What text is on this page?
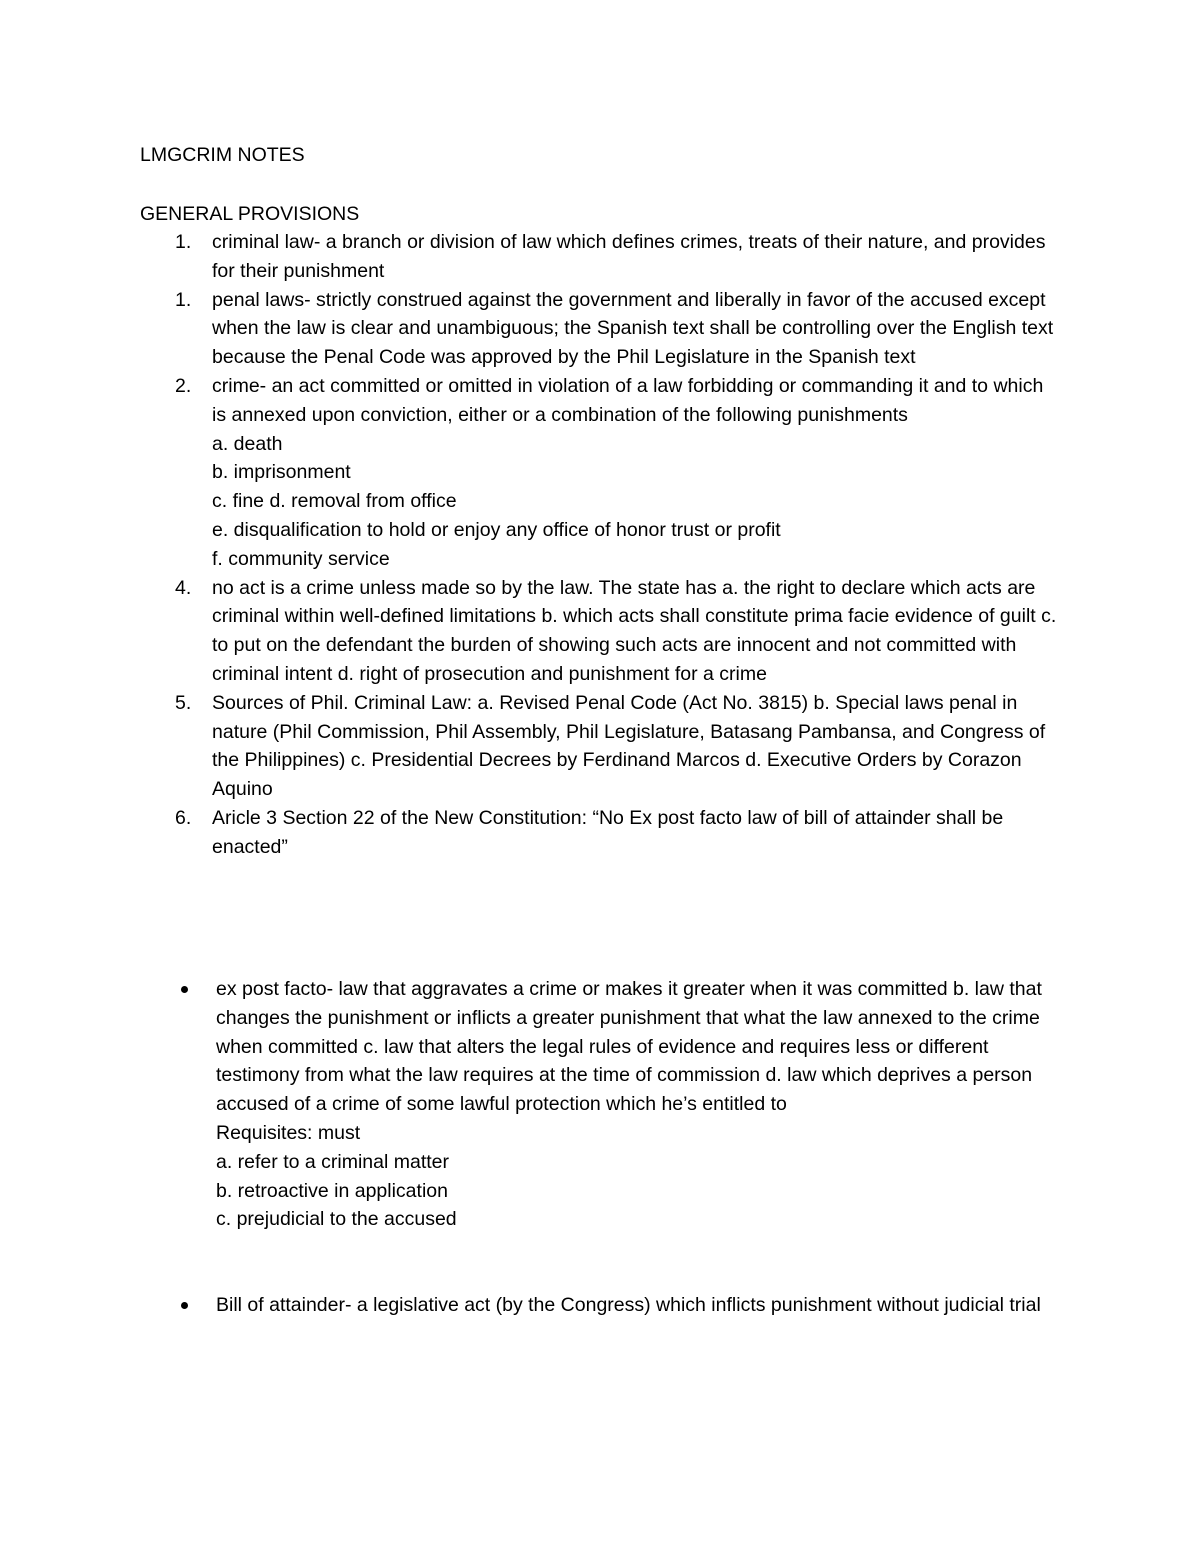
LMGCRIM NOTES
GENERAL PROVISIONS
1. criminal law- a branch or division of law which defines crimes, treats of their nature, and provides for their punishment
1. penal laws- strictly construed against the government and liberally in favor of the accused except when the law is clear and unambiguous; the Spanish text shall be controlling over the English text because the Penal Code was approved by the Phil Legislature in the Spanish text
2. crime- an act committed or omitted in violation of a law forbidding or commanding it and to which is annexed upon conviction, either or a combination of the following punishments
a. death
b. imprisonment
c. fine d. removal from office
e. disqualification to hold or enjoy any office of honor trust or profit
f. community service
4. no act is a crime unless made so by the law. The state has a. the right to declare which acts are criminal within well-defined limitations b. which acts shall constitute prima facie evidence of guilt c. to put on the defendant the burden of showing such acts are innocent and not committed with criminal intent d. right of prosecution and punishment for a crime
5. Sources of Phil. Criminal Law: a. Revised Penal Code (Act No. 3815) b. Special laws penal in nature (Phil Commission, Phil Assembly, Phil Legislature, Batasang Pambansa, and Congress of the Philippines) c. Presidential Decrees by Ferdinand Marcos d. Executive Orders by Corazon Aquino
6. Aricle 3 Section 22 of the New Constitution: “No Ex post facto law of bill of attainder shall be enacted”
ex post facto- law that aggravates a crime or makes it greater when it was committed b. law that changes the punishment or inflicts a greater punishment that what the law annexed to the crime when committed c. law that alters the legal rules of evidence and requires less or different testimony from what the law requires at the time of commission d. law which deprives a person accused of a crime of some lawful protection which he’s entitled to
Requisites: must
a. refer to a criminal matter
b. retroactive in application
c. prejudicial to the accused
Bill of attainder- a legislative act (by the Congress) which inflicts punishment without judicial trial
